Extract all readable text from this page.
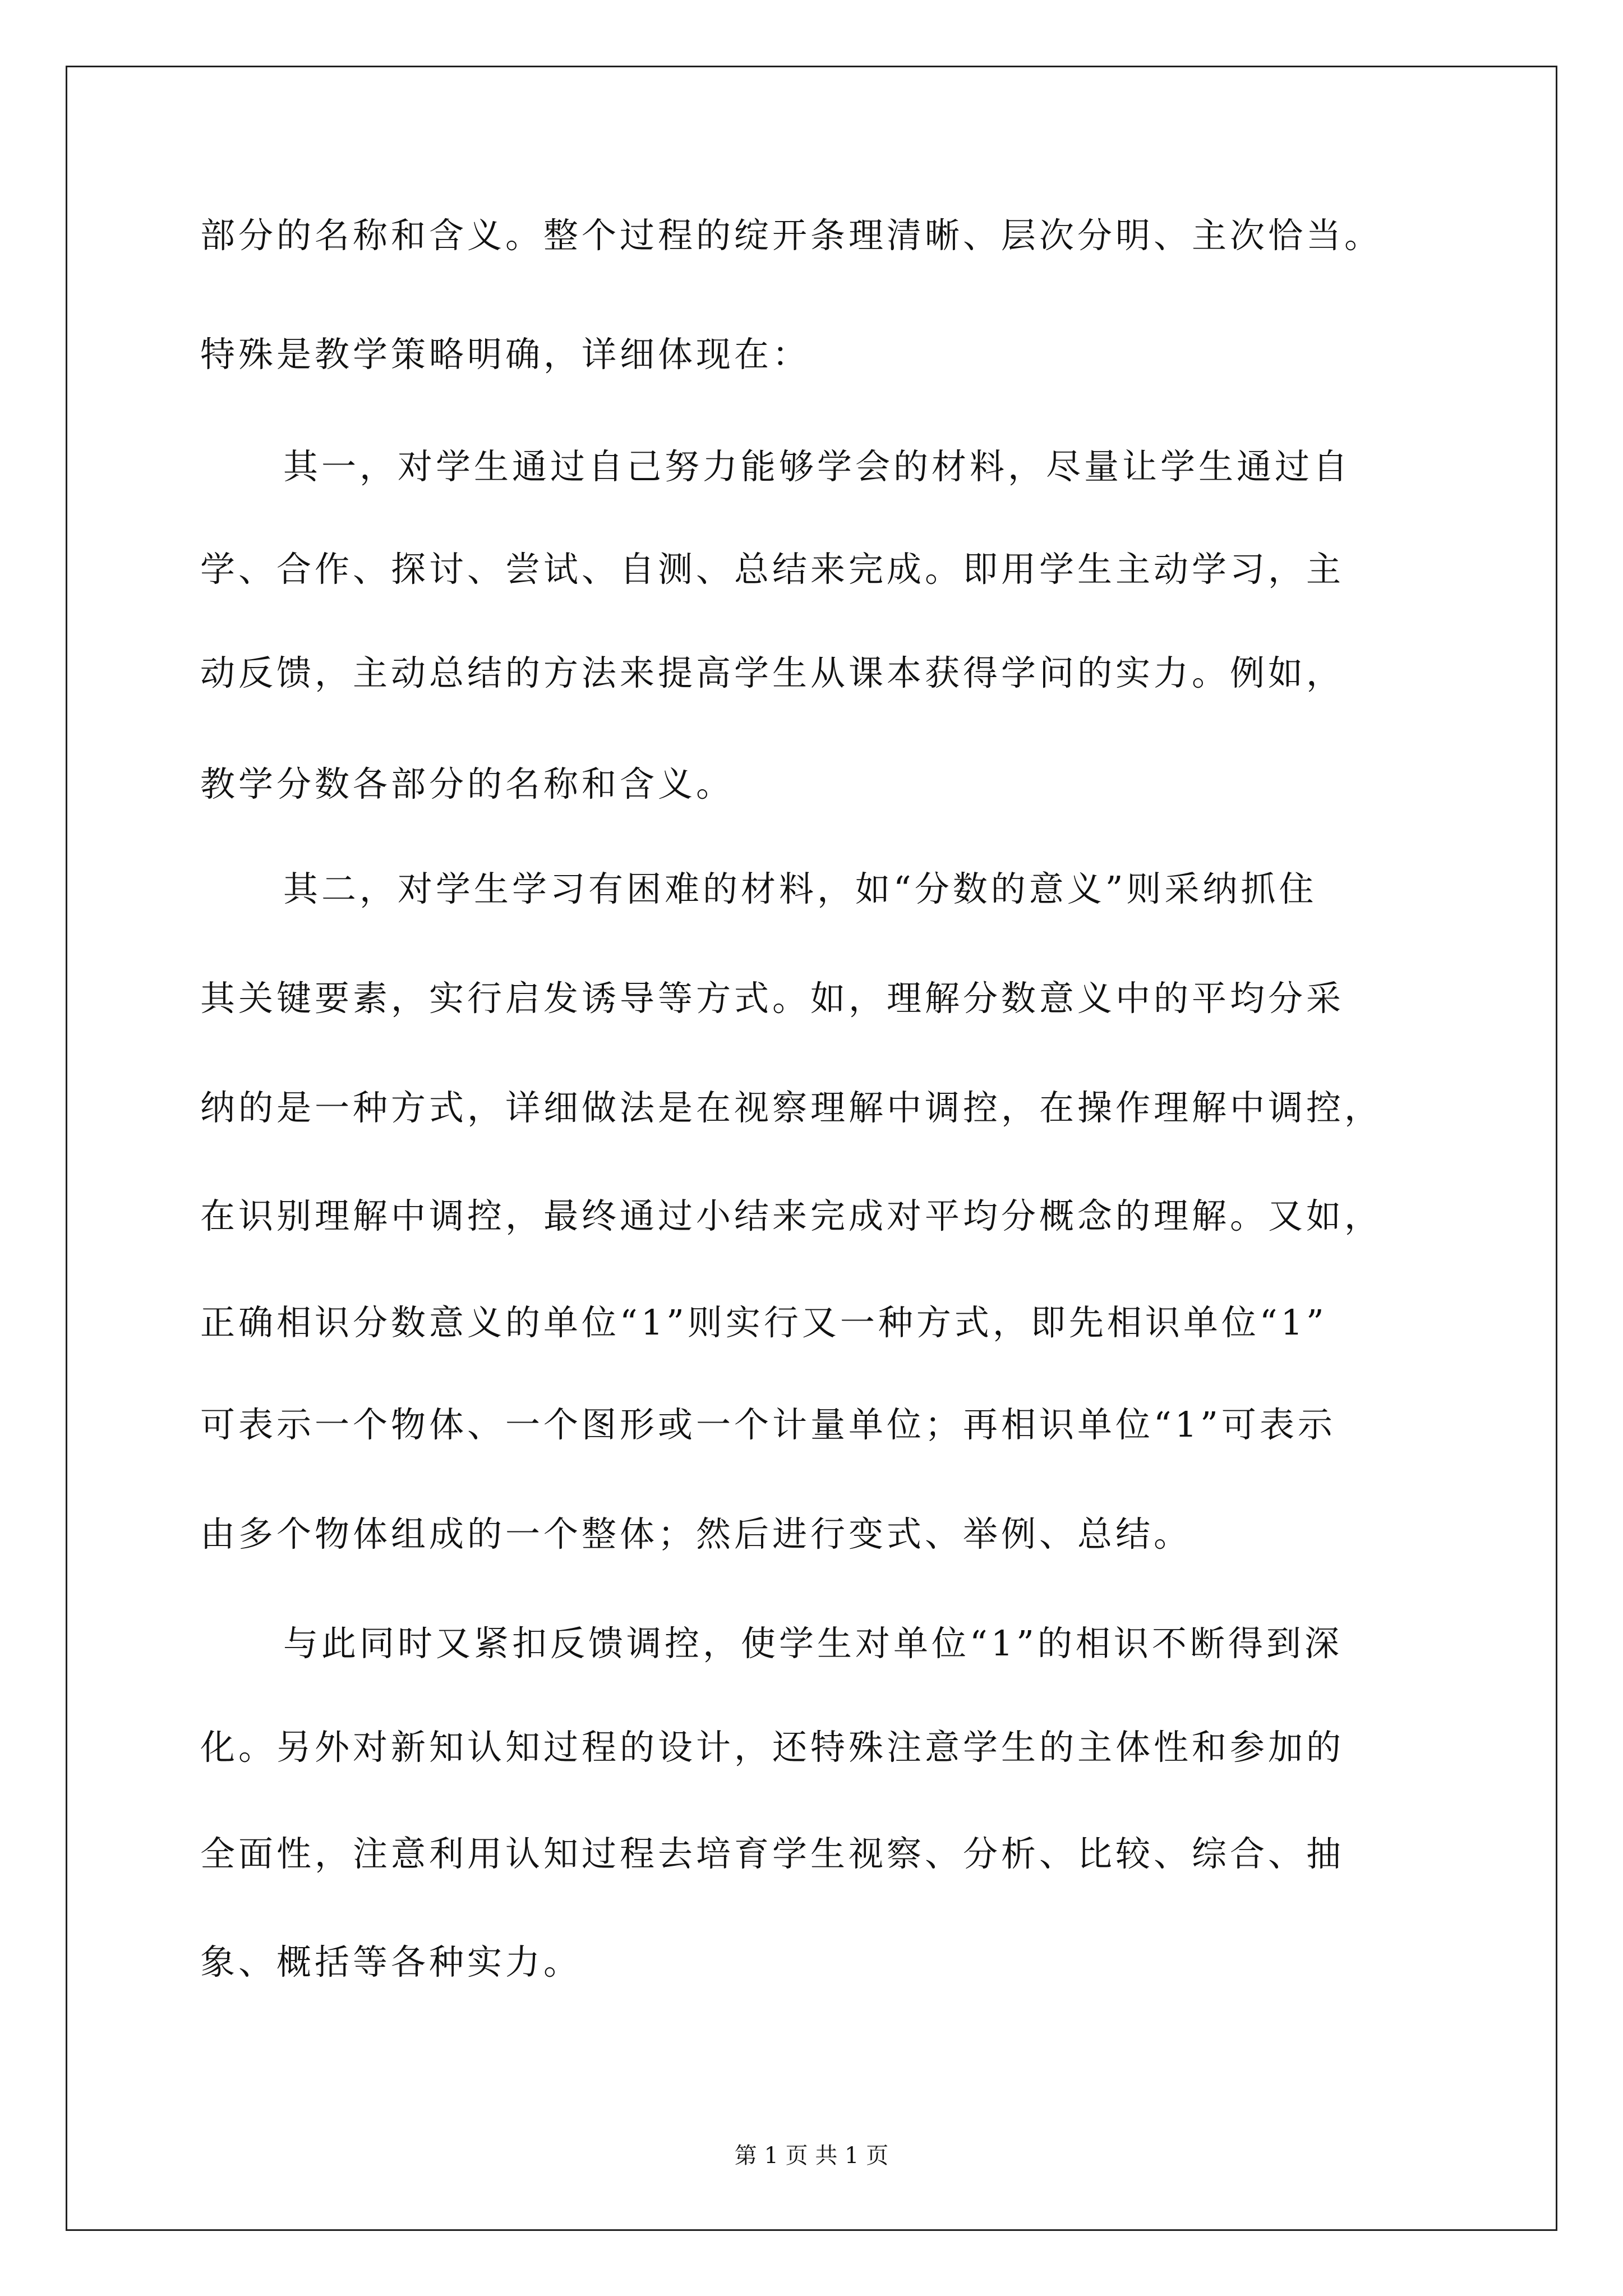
部分的名称和含义。整个过程的绽开条理清晰、层次分明、主次恰当。

特殊是教学策略明确，详细体现在：

其一，对学生通过自己努力能够学会的材料，尽量让学生通过自

学、合作、探讨、尝试、自测、总结来完成。即用学生主动学习，主

动反馈，主动总结的方法来提高学生从课本获得学问的实力。例如，

教学分数各部分的名称和含义。

其二，对学生学习有困难的材料，如“分数的意义”则采纳抓住

其关键要素，实行启发诱导等方式。如，理解分数意义中的平均分采

纳的是一种方式，详细做法是在视察理解中调控，在操作理解中调控，

在识别理解中调控，最终通过小结来完成对平均分概念的理解。又如，

正确相识分数意义的单位“1”则实行又一种方式，即先相识单位“1”

可表示一个物体、一个图形或一个计量单位；再相识单位“1”可表示

由多个物体组成的一个整体；然后进行变式、举例、总结。

与此同时又紧扣反馈调控，使学生对单位“1”的相识不断得到深

化。另外对新知认知过程的设计，还特殊注意学生的主体性和参加的

全面性，注意利用认知过程去培育学生视察、分析、比较、综合、抽

象、概括等各种实力。

第 1 页 共 1 页
